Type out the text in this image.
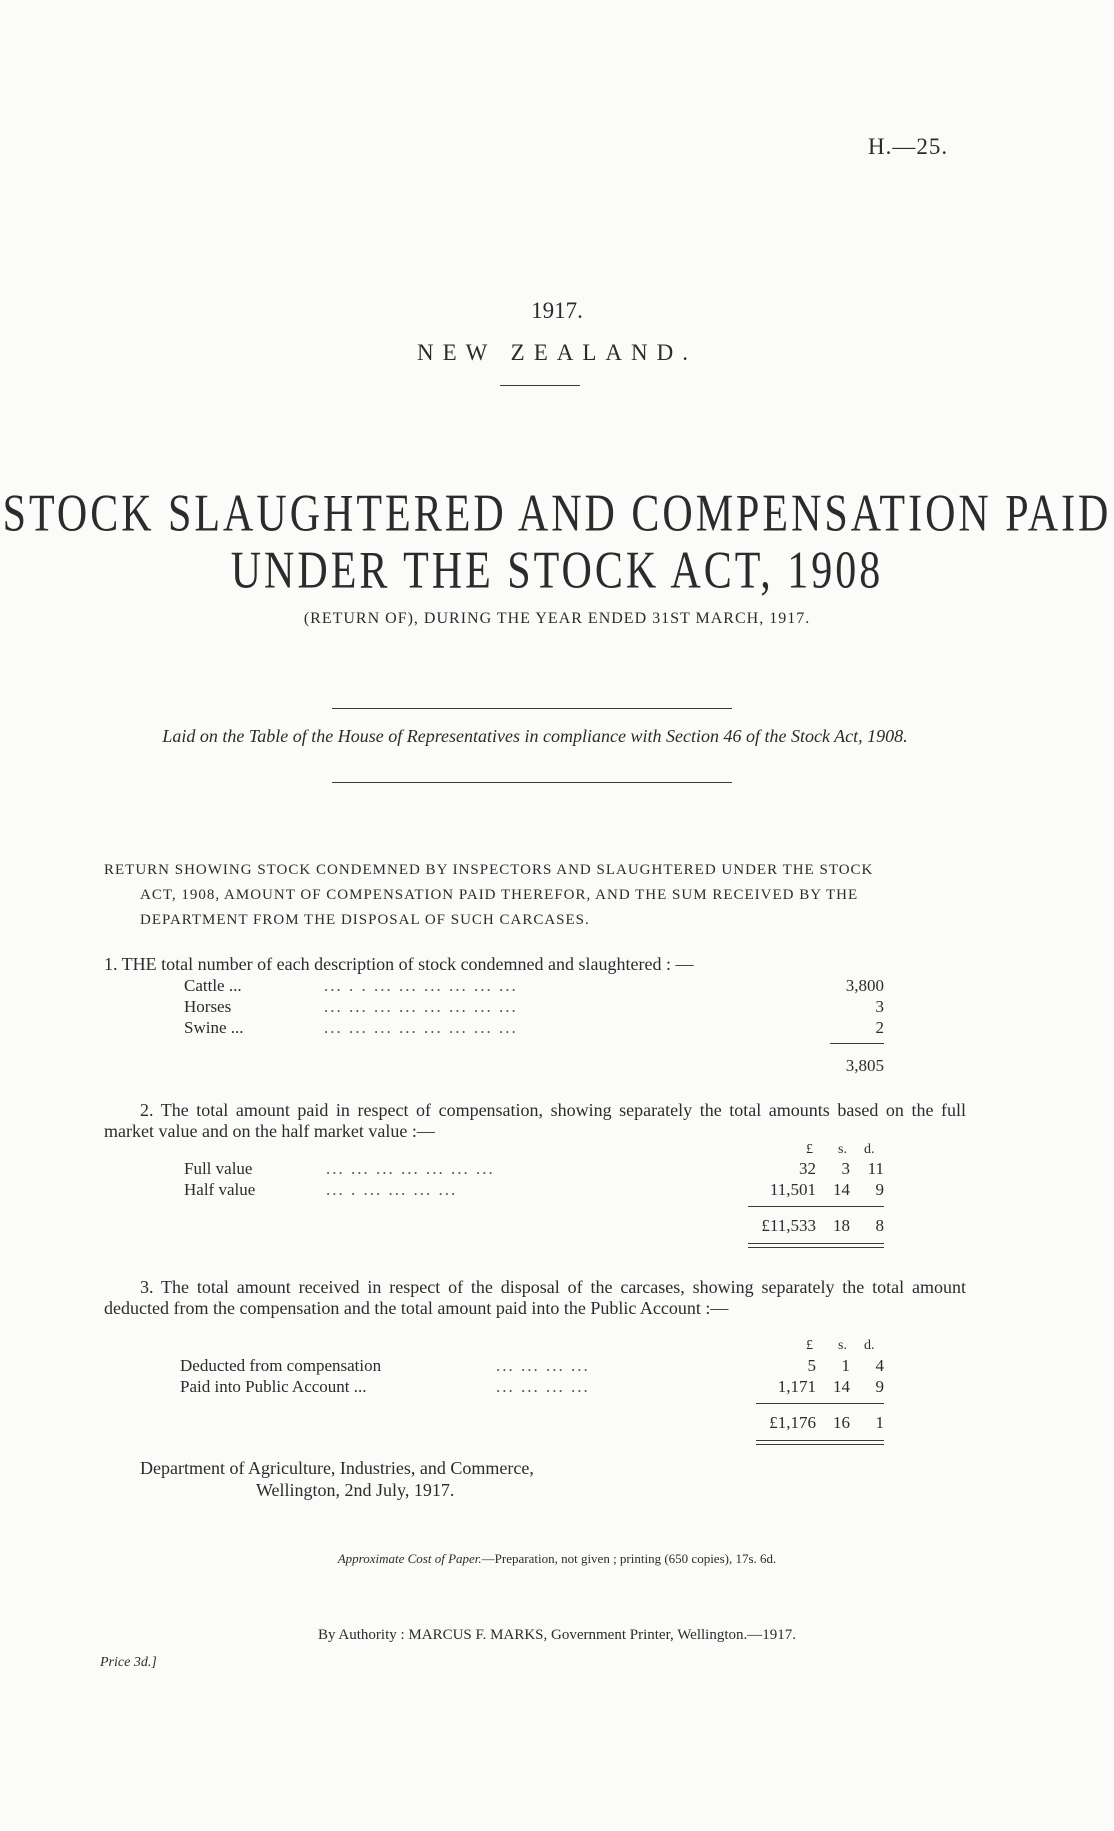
H.—25.
1917.
NEW ZEALAND.
STOCK SLAUGHTERED AND COMPENSATION PAID
UNDER THE STOCK ACT, 1908
(RETURN OF), DURING THE YEAR ENDED 31ST MARCH, 1917.
Laid on the Table of the House of Representatives in compliance with Section 46 of the Stock Act, 1908.
RETURN SHOWING STOCK CONDEMNED BY INSPECTORS AND SLAUGHTERED UNDER THE STOCK
ACT, 1908, AMOUNT OF COMPENSATION PAID THEREFOR, AND THE SUM RECEIVED BY THE
DEPARTMENT FROM THE DISPOSAL OF SUCH CARCASES.
1. THE total number of each description of stock condemned and slaughtered : —
Cattle ...	... . . ... ... ... ... ... ...	3,800
Horses	... ... ... ... ... ... ... ...	3
Swine ...	... ... ... ... ... ... ... ...	2
3,805
2. The total amount paid in respect of compensation, showing separately the total amounts based on the full market value and on the half market value :—
£ s. d.
Full value	... ... ... ... ... ... ...	32 3 11
Half value	... . ... ... ... ...	11,501 14 9
£11,533 18 8
3. The total amount received in respect of the disposal of the carcases, showing separately the total amount deducted from the compensation and the total amount paid into the Public Account :—
£ s. d.
Deducted from compensation	... ... ... ...	5 1 4
Paid into Public Account ...	... ... ... ...	1,171 14 9
£1,176 16 1
Department of Agriculture, Industries, and Commerce,
Wellington, 2nd July, 1917.
Approximate Cost of Paper.—Preparation, not given ; printing (650 copies), 17s. 6d.
By Authority : MARCUS F. MARKS, Government Printer, Wellington.—1917.
Price 3d.]
